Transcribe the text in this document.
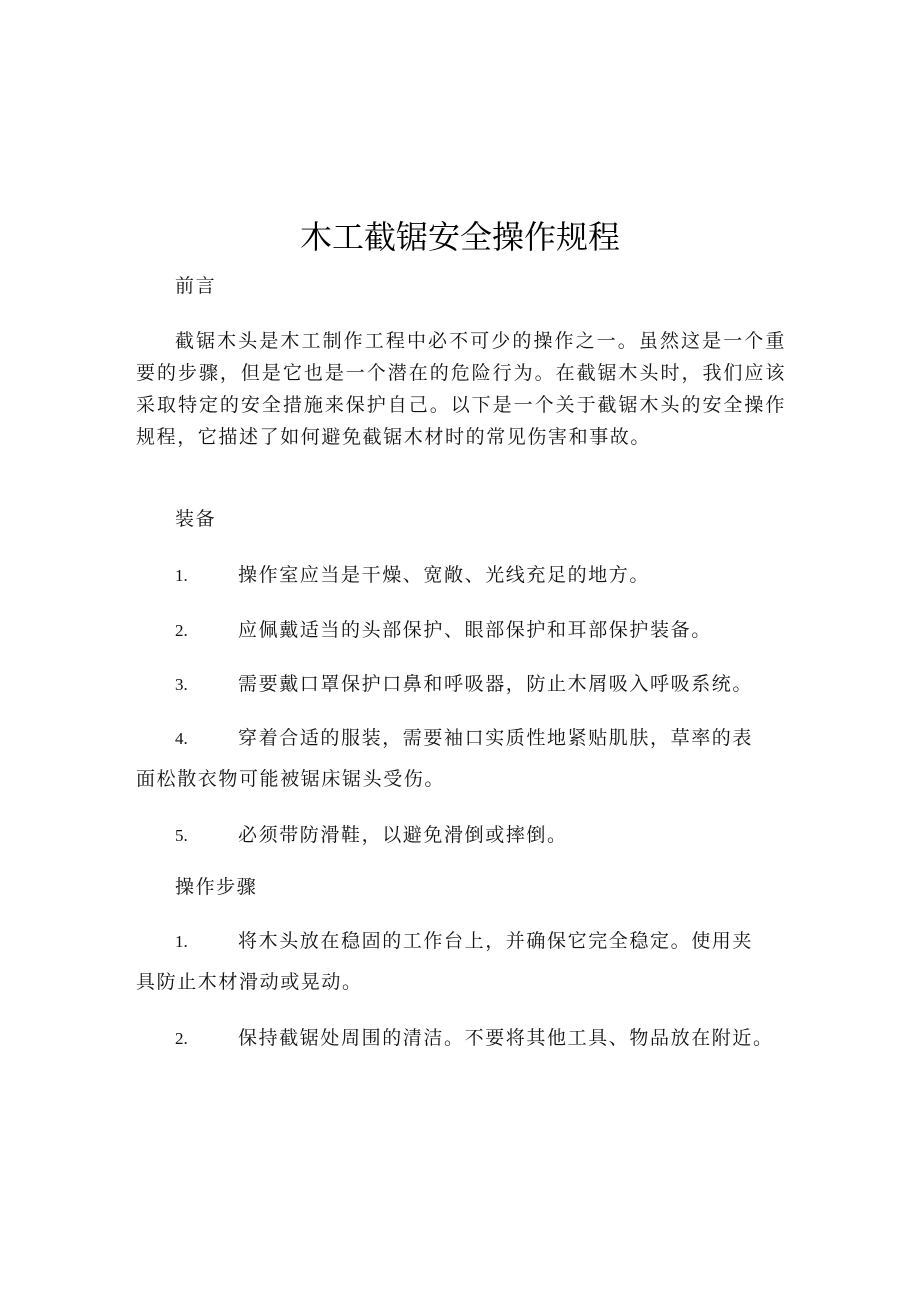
木工截锯安全操作规程
前言
截锯木头是木工制作工程中必不可少的操作之一。虽然这是一个重要的步骤，但是它也是一个潜在的危险行为。在截锯木头时，我们应该采取特定的安全措施来保护自己。以下是一个关于截锯木头的安全操作规程，它描述了如何避免截锯木材时的常见伤害和事故。
装备
1.	操作室应当是干燥、宽敞、光线充足的地方。
2.	应佩戴适当的头部保护、眼部保护和耳部保护装备。
3.	需要戴口罩保护口鼻和呼吸器，防止木屑吸入呼吸系统。
4.	穿着合适的服装，需要袖口实质性地紧贴肌肤，草率的表
面松散衣物可能被锯床锯头受伤。
5.	必须带防滑鞋，以避免滑倒或摔倒。
操作步骤
1.	将木头放在稳固的工作台上，并确保它完全稳定。使用夹
具防止木材滑动或晃动。
2.	保持截锯处周围的清洁。不要将其他工具、物品放在附近。
